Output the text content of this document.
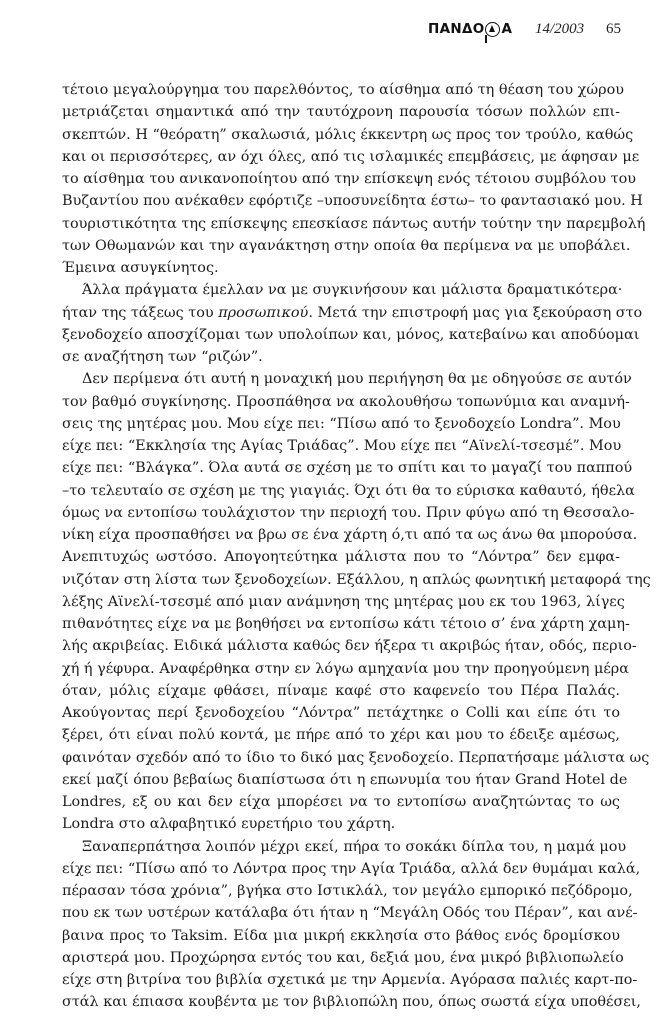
ΠΑΝΔΟ Α 14/2003 65
τέτοιο μεγαλούργημα του παρελθόντος, το αίσθημα από τη θέαση του χώρου
μετριάζεται σημαντικά από την ταυτόχρονη παρουσία τόσων πολλών επι-
σκεπτών. Η “θεόρατη” σκαλωσιά, μόλις έκκεντρη ως προς τον τρούλο, καθώς
και οι περισσότερες, αν όχι όλες, από τις ισλαμικές επεμβάσεις, με άφησαν με
το αίσθημα του ανικανοποίητου από την επίσκεψη ενός τέτοιου συμβόλου του
Βυζαντίου που ανέκαθεν εφόρτιζε –υποσυνείδητα έστω– το φαντασιακό μου. Η
τουριστικότητα της επίσκεψης επεσκίασε πάντως αυτήν τούτην την παρεμβολή
των Οθωμανών και την αγανάκτηση στην οποία θα περίμενα να με υποβάλει.
Έμεινα ασυγκίνητος.
Άλλα πράγματα έμελλαν να με συγκινήσουν και μάλιστα δραματικότερα·
ήταν της τάξεως του προσωπικού. Μετά την επιστροφή μας για ξεκούραση στο
ξενοδοχείο αποσχίζομαι των υπολοίπων και, μόνος, κατεβαίνω και αποδύομαι
σε αναζήτηση των “ριζών”.
Δεν περίμενα ότι αυτή η μοναχική μου περιήγηση θα με οδηγούσε σε αυτόν
τον βαθμό συγκίνησης. Προσπάθησα να ακολουθήσω τοπωνύμια και αναμνή-
σεις της μητέρας μου. Μου είχε πει: “Πίσω από το ξενοδοχείο Londra”. Μου
είχε πει: “Εκκλησία της Αγίας Τριάδας”. Μου είχε πει “Αϊνελί-τσεσμέ”. Μου
είχε πει: “Βλάγκα”. Όλα αυτά σε σχέση με το σπίτι και το μαγαζί του παππού
–το τελευταίο σε σχέση με της γιαγιάς. Όχι ότι θα το εύρισκα καθαυτό, ήθελα
όμως να εντοπίσω τουλάχιστον την περιοχή του. Πριν φύγω από τη Θεσσαλο-
νίκη είχα προσπαθήσει να βρω σε ένα χάρτη ό,τι από τα ως άνω θα μπορούσα.
Ανεπιτυχώς ωστόσο. Απογοητεύτηκα μάλιστα που το “Λόντρα” δεν εμφα-
νιζόταν στη λίστα των ξενοδοχείων. Εξάλλου, η απλώς φωνητική μεταφορά της
λέξης Αϊνελί-τσεσμέ από μιαν ανάμνηση της μητέρας μου εκ του 1963, λίγες
πιθανότητες είχε να με βοηθήσει να εντοπίσω κάτι τέτοιο σ’ ένα χάρτη χαμη-
λής ακριβείας. Ειδικά μάλιστα καθώς δεν ήξερα τι ακριβώς ήταν, οδός, περιο-
χή ή γέφυρα. Αναφέρθηκα στην εν λόγω αμηχανία μου την προηγούμενη μέρα
όταν, μόλις είχαμε φθάσει, πίναμε καφέ στο καφενείο του Πέρα Παλάς.
Ακούγοντας περί ξενοδοχείου “Λόντρα” πετάχτηκε ο Colli και είπε ότι το
ξέρει, ότι είναι πολύ κοντά, με πήρε από το χέρι και μου το έδειξε αμέσως,
φαινόταν σχεδόν από το ίδιο το δικό μας ξενοδοχείο. Περπατήσαμε μάλιστα ως
εκεί μαζί όπου βεβαίως διαπίστωσα ότι η επωνυμία του ήταν Grand Hotel de
Londres, εξ ου και δεν είχα μπορέσει να το εντοπίσω αναζητώντας το ως
Londra στο αλφαβητικό ευρετήριο του χάρτη.
Ξαναπερπάτησα λοιπόν μέχρι εκεί, πήρα το σοκάκι δίπλα του, η μαμά μου
είχε πει: “Πίσω από το Λόντρα προς την Αγία Τριάδα, αλλά δεν θυμάμαι καλά,
πέρασαν τόσα χρόνια”, βγήκα στο Ιστικλάλ, τον μεγάλο εμπορικό πεζόδρομο,
που εκ των υστέρων κατάλαβα ότι ήταν η “Μεγάλη Οδός του Πέραν”, και ανέ-
βαινα προς το Taksim. Είδα μια μικρή εκκλησία στο βάθος ενός δρομίσκου
αριστερά μου. Προχώρησα εντός του και, δεξιά μου, ένα μικρό βιβλιοπωλείο
είχε στη βιτρίνα του βιβλία σχετικά με την Αρμενία. Αγόρασα παλιές καρτ-πο-
στάλ και έπιασα κουβέντα με τον βιβλιοπώλη που, όπως σωστά είχα υποθέσει,
